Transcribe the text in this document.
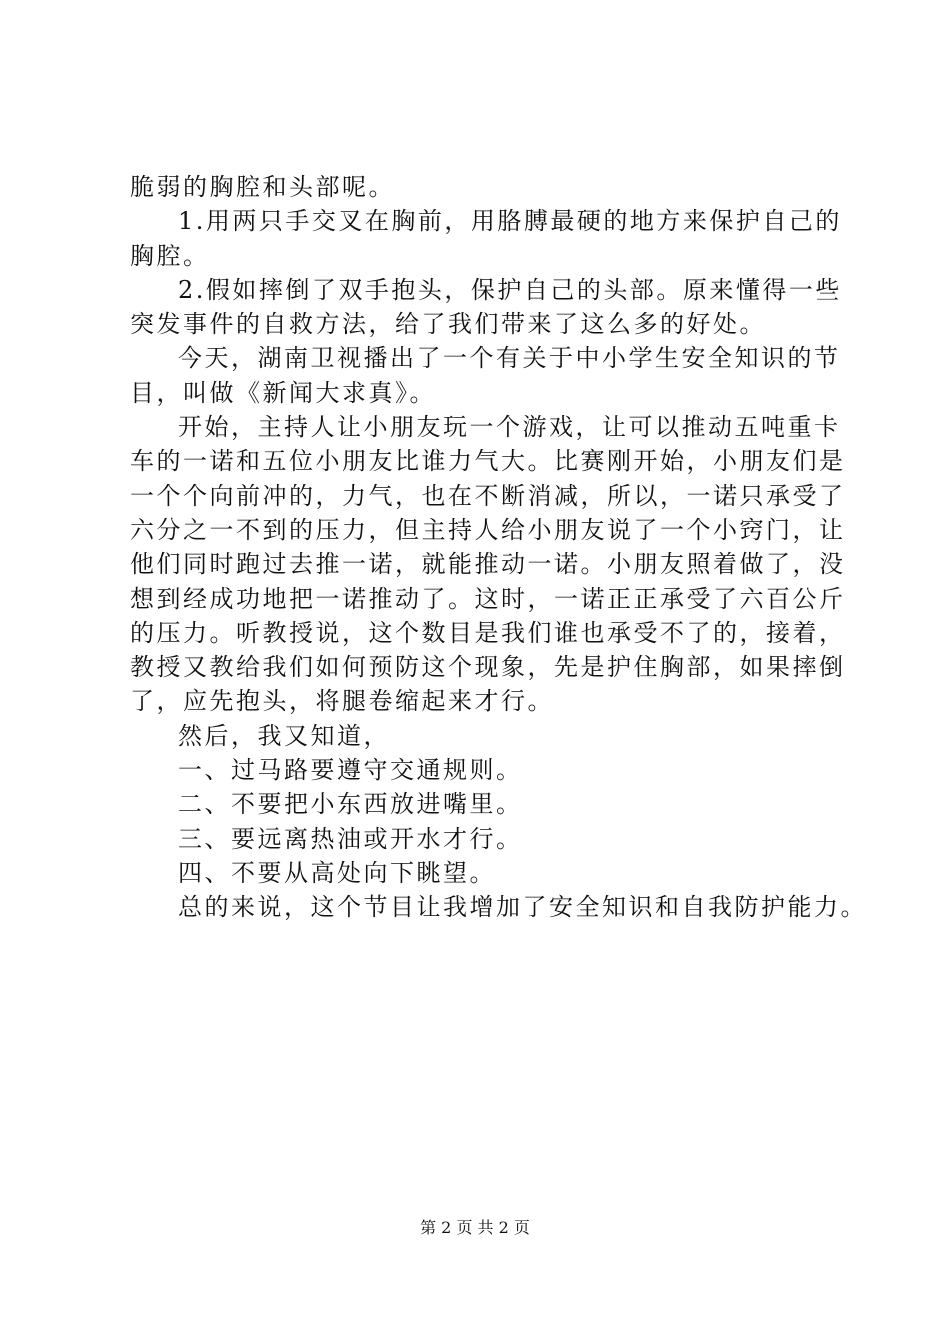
脆弱的胸腔和头部呢。
1.用两只手交叉在胸前，用胳膊最硬的地方来保护自己的
胸腔。
2.假如摔倒了双手抱头，保护自己的头部。原来懂得一些
突发事件的自救方法，给了我们带来了这么多的好处。
今天，湖南卫视播出了一个有关于中小学生安全知识的节
目，叫做《新闻大求真》。
开始，主持人让小朋友玩一个游戏，让可以推动五吨重卡
车的一诺和五位小朋友比谁力气大。比赛刚开始，小朋友们是
一个个向前冲的，力气，也在不断消减，所以，一诺只承受了
六分之一不到的压力，但主持人给小朋友说了一个小窍门，让
他们同时跑过去推一诺，就能推动一诺。小朋友照着做了，没
想到经成功地把一诺推动了。这时，一诺正正承受了六百公斤
的压力。听教授说，这个数目是我们谁也承受不了的，接着，
教授又教给我们如何预防这个现象，先是护住胸部，如果摔倒
了，应先抱头，将腿卷缩起来才行。
然后，我又知道，
一、过马路要遵守交通规则。
二、不要把小东西放进嘴里。
三、要远离热油或开水才行。
四、不要从高处向下眺望。
总的来说，这个节目让我增加了安全知识和自我防护能力。
第 2 页 共 2 页
